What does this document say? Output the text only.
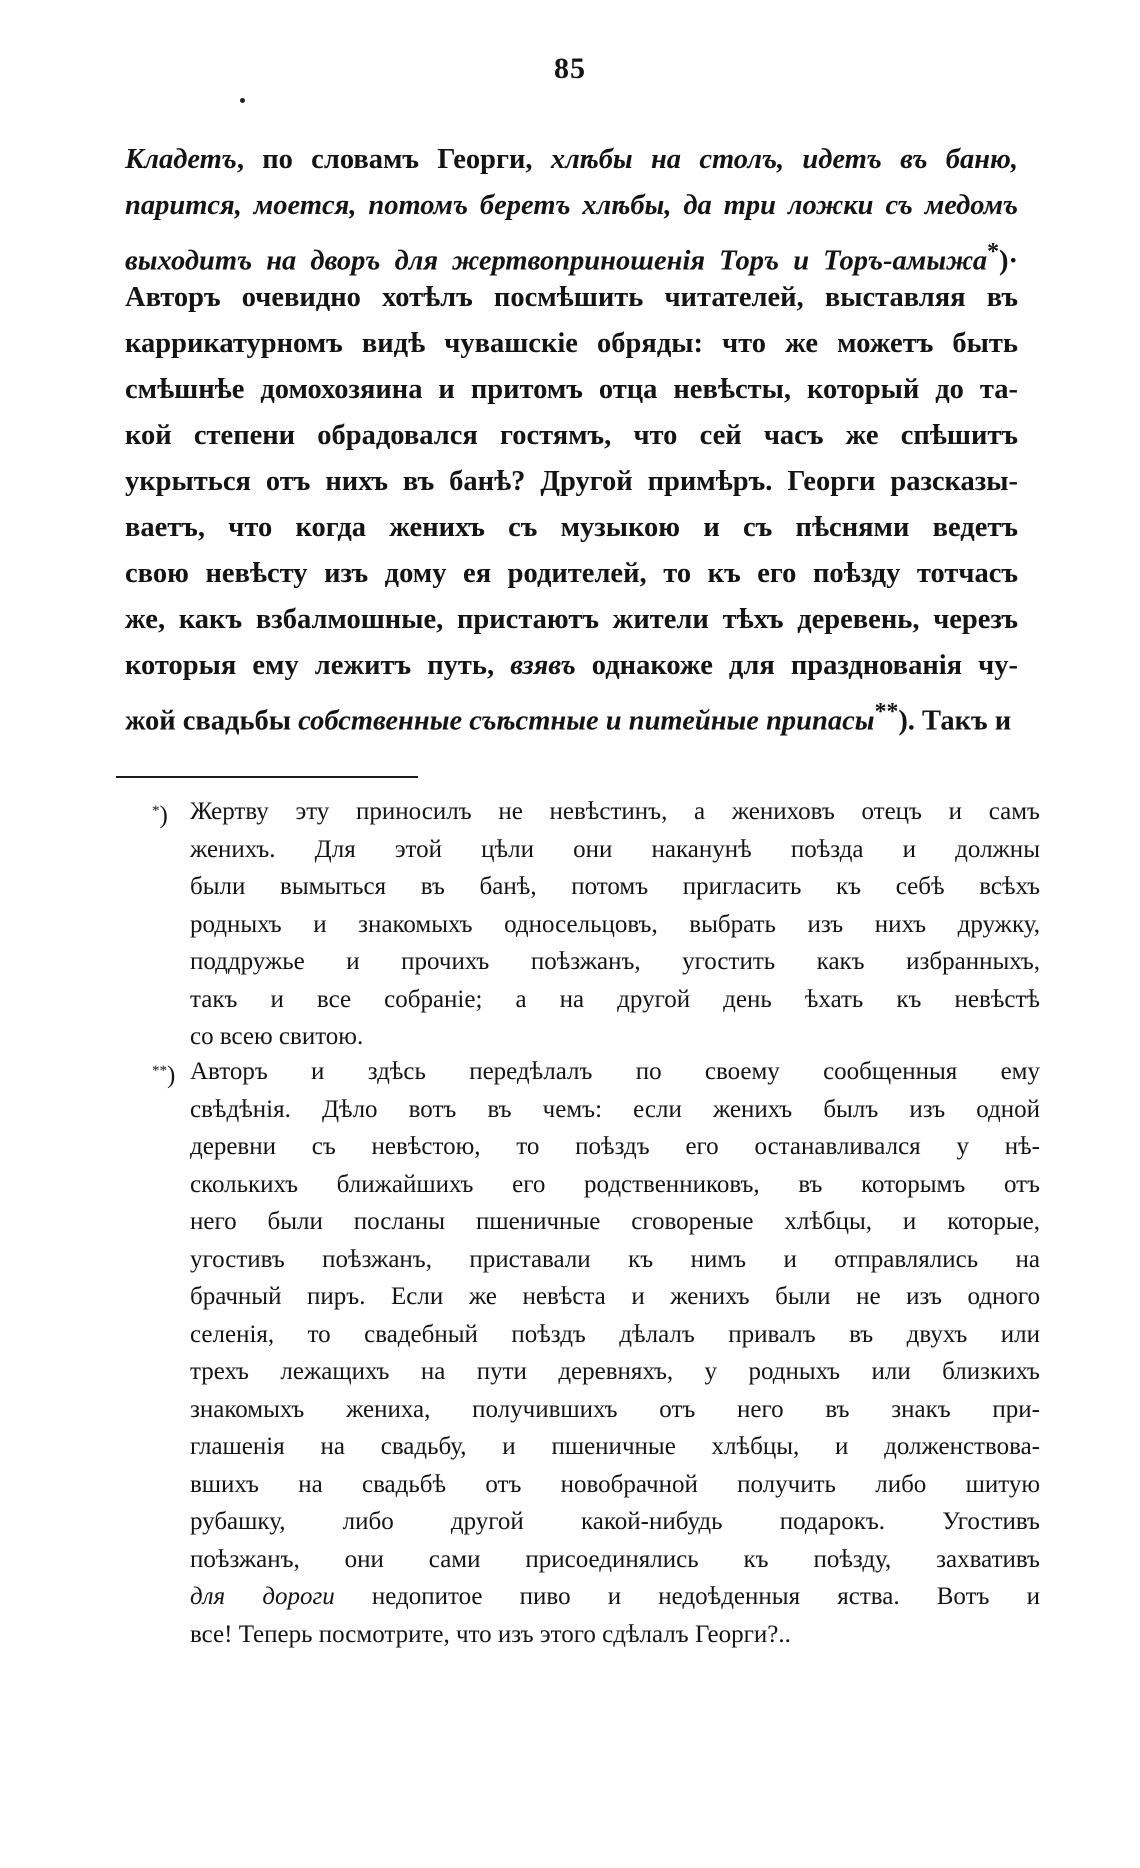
85
Кладетъ, по словамъ Георги, хлѣбы на столъ, идетъ въ баню,
парится, моется, потомъ беретъ хлѣбы, да три ложки съ медомъ
выходитъ на дворъ для жертвоприношенія Торъ и Торъ-амыжа*)·
Авторъ очевидно хотѣлъ посмѣшить читателей, выставляя въ
каррикатурномъ видѣ чувашскіе обряды: что же можетъ быть
смѣшнѣе домохозяина и притомъ отца невѣсты, который до та-
кой степени обрадовался гостямъ, что сей часъ же спѣшитъ
укрыться отъ нихъ въ банѣ? Другой примѣръ. Георги разсказы-
ваетъ, что когда женихъ съ музыкою и съ пѣснями ведетъ
свою невѣсту изъ дому ея родителей, то къ его поѣзду тотчасъ
же, какъ взбалмошные, пристаютъ жители тѣхъ деревень, черезъ
которыя ему лежитъ путь, взявъ однакоже для празднованія чу-
жой свадьбы собственные съѣстные и питейные припасы**). Такъ и
*) Жертву эту приносилъ не невѣстинъ, а жениховъ отецъ и самъ
женихъ. Для этой цѣли они наканунѣ поѣзда и должны
были вымыться въ банѣ, потомъ пригласить къ себѣ всѣхъ
родныхъ и знакомыхъ односельцовъ, выбрать изъ нихъ дружку,
поддружье и прочихъ поѣзжанъ, угостить какъ избранныхъ,
такъ и все собраніе; а на другой день ѣхать къ невѣстѣ
со всею свитою.
**) Авторъ и здѣсь передѣлалъ по своему сообщенныя ему
свѣдѣнія. Дѣло вотъ въ чемъ: если женихъ былъ изъ одной
деревни съ невѣстою, то поѣздъ его останавливался у нѣ-
сколькихъ ближайшихъ его родственниковъ, въ которымъ отъ
него были посланы пшеничные сговореные хлѣбцы, и которые,
угостивъ поѣзжанъ, приставали къ нимъ и отправлялись на
брачный пиръ. Если же невѣста и женихъ были не изъ одного
селенія, то свадебный поѣздъ дѣлалъ привалъ въ двухъ или
трехъ лежащихъ на пути деревняхъ, у родныхъ или близкихъ
знакомыхъ жениха, получившихъ отъ него въ знакъ при-
глашенія на свадьбу, и пшеничные хлѣбцы, и долженствова-
вшихъ на свадьбѣ отъ новобрачной получить либо шитую
рубашку, либо другой какой-нибудь подарокъ. Угостивъ
поѣзжанъ, они сами присоединялись къ поѣзду, захвативъ
для дороги недопитое пиво и недоѣденныя яства. Вотъ и
все! Теперь посмотрите, что изъ этого сдѣлалъ Георги?..
